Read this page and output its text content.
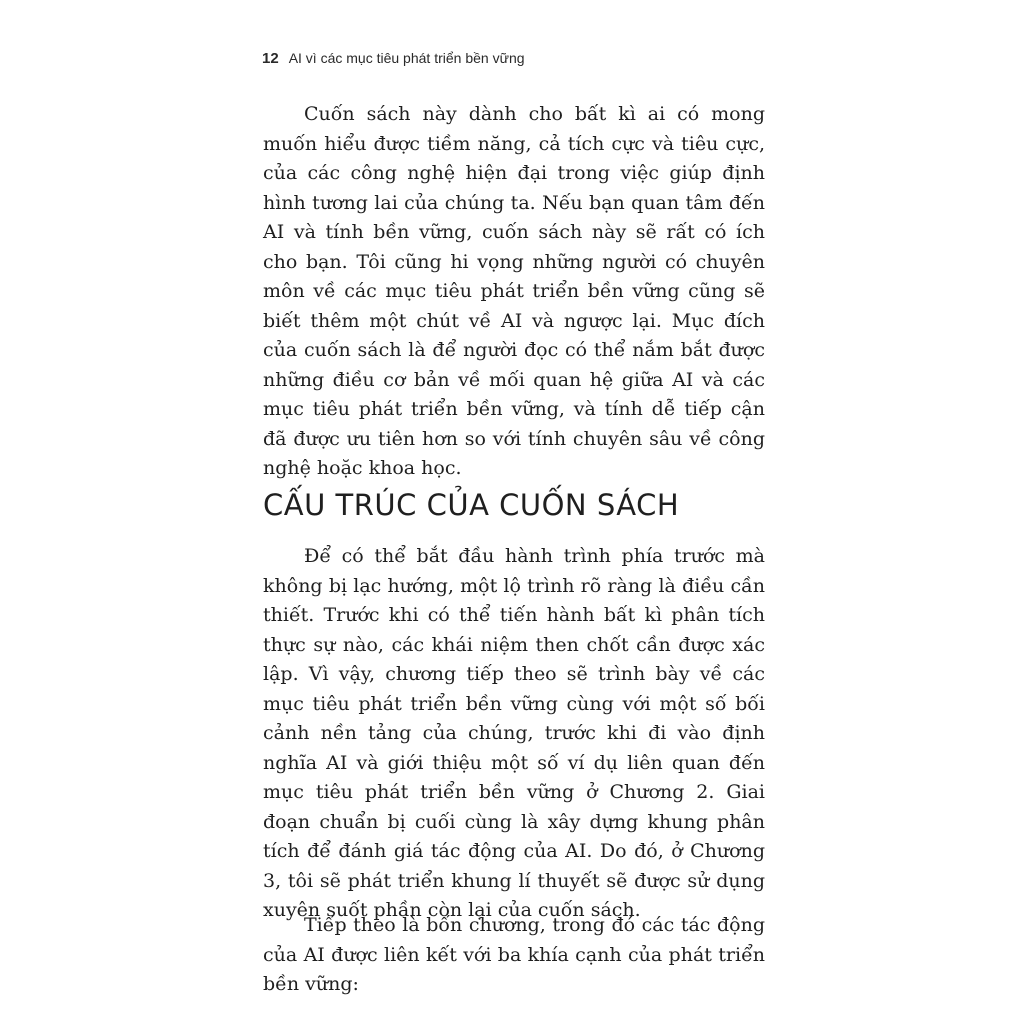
12 AI vì các mục tiêu phát triển bền vững

Cuốn sách này dành cho bất kì ai có mong muốn hiểu được tiềm năng, cả tích cực và tiêu cực, của các công nghệ hiện đại trong việc giúp định hình tương lai của chúng ta. Nếu bạn quan tâm đến AI và tính bền vững, cuốn sách này sẽ rất có ích cho bạn. Tôi cũng hi vọng những người có chuyên môn về các mục tiêu phát triển bền vững cũng sẽ biết thêm một chút về AI và ngược lại. Mục đích của cuốn sách là để người đọc có thể nắm bắt được những điều cơ bản về mối quan hệ giữa AI và các mục tiêu phát triển bền vững, và tính dễ tiếp cận đã được ưu tiên hơn so với tính chuyên sâu về công nghệ hoặc khoa học.

CẤU TRÚC CỦA CUỐN SÁCH

Để có thể bắt đầu hành trình phía trước mà không bị lạc hướng, một lộ trình rõ ràng là điều cần thiết. Trước khi có thể tiến hành bất kì phân tích thực sự nào, các khái niệm then chốt cần được xác lập. Vì vậy, chương tiếp theo sẽ trình bày về các mục tiêu phát triển bền vững cùng với một số bối cảnh nền tảng của chúng, trước khi đi vào định nghĩa AI và giới thiệu một số ví dụ liên quan đến mục tiêu phát triển bền vững ở Chương 2. Giai đoạn chuẩn bị cuối cùng là xây dựng khung phân tích để đánh giá tác động của AI. Do đó, ở Chương 3, tôi sẽ phát triển khung lí thuyết sẽ được sử dụng xuyên suốt phần còn lại của cuốn sách.

Tiếp theo là bốn chương, trong đó các tác động của AI được liên kết với ba khía cạnh của phát triển bền vững:
